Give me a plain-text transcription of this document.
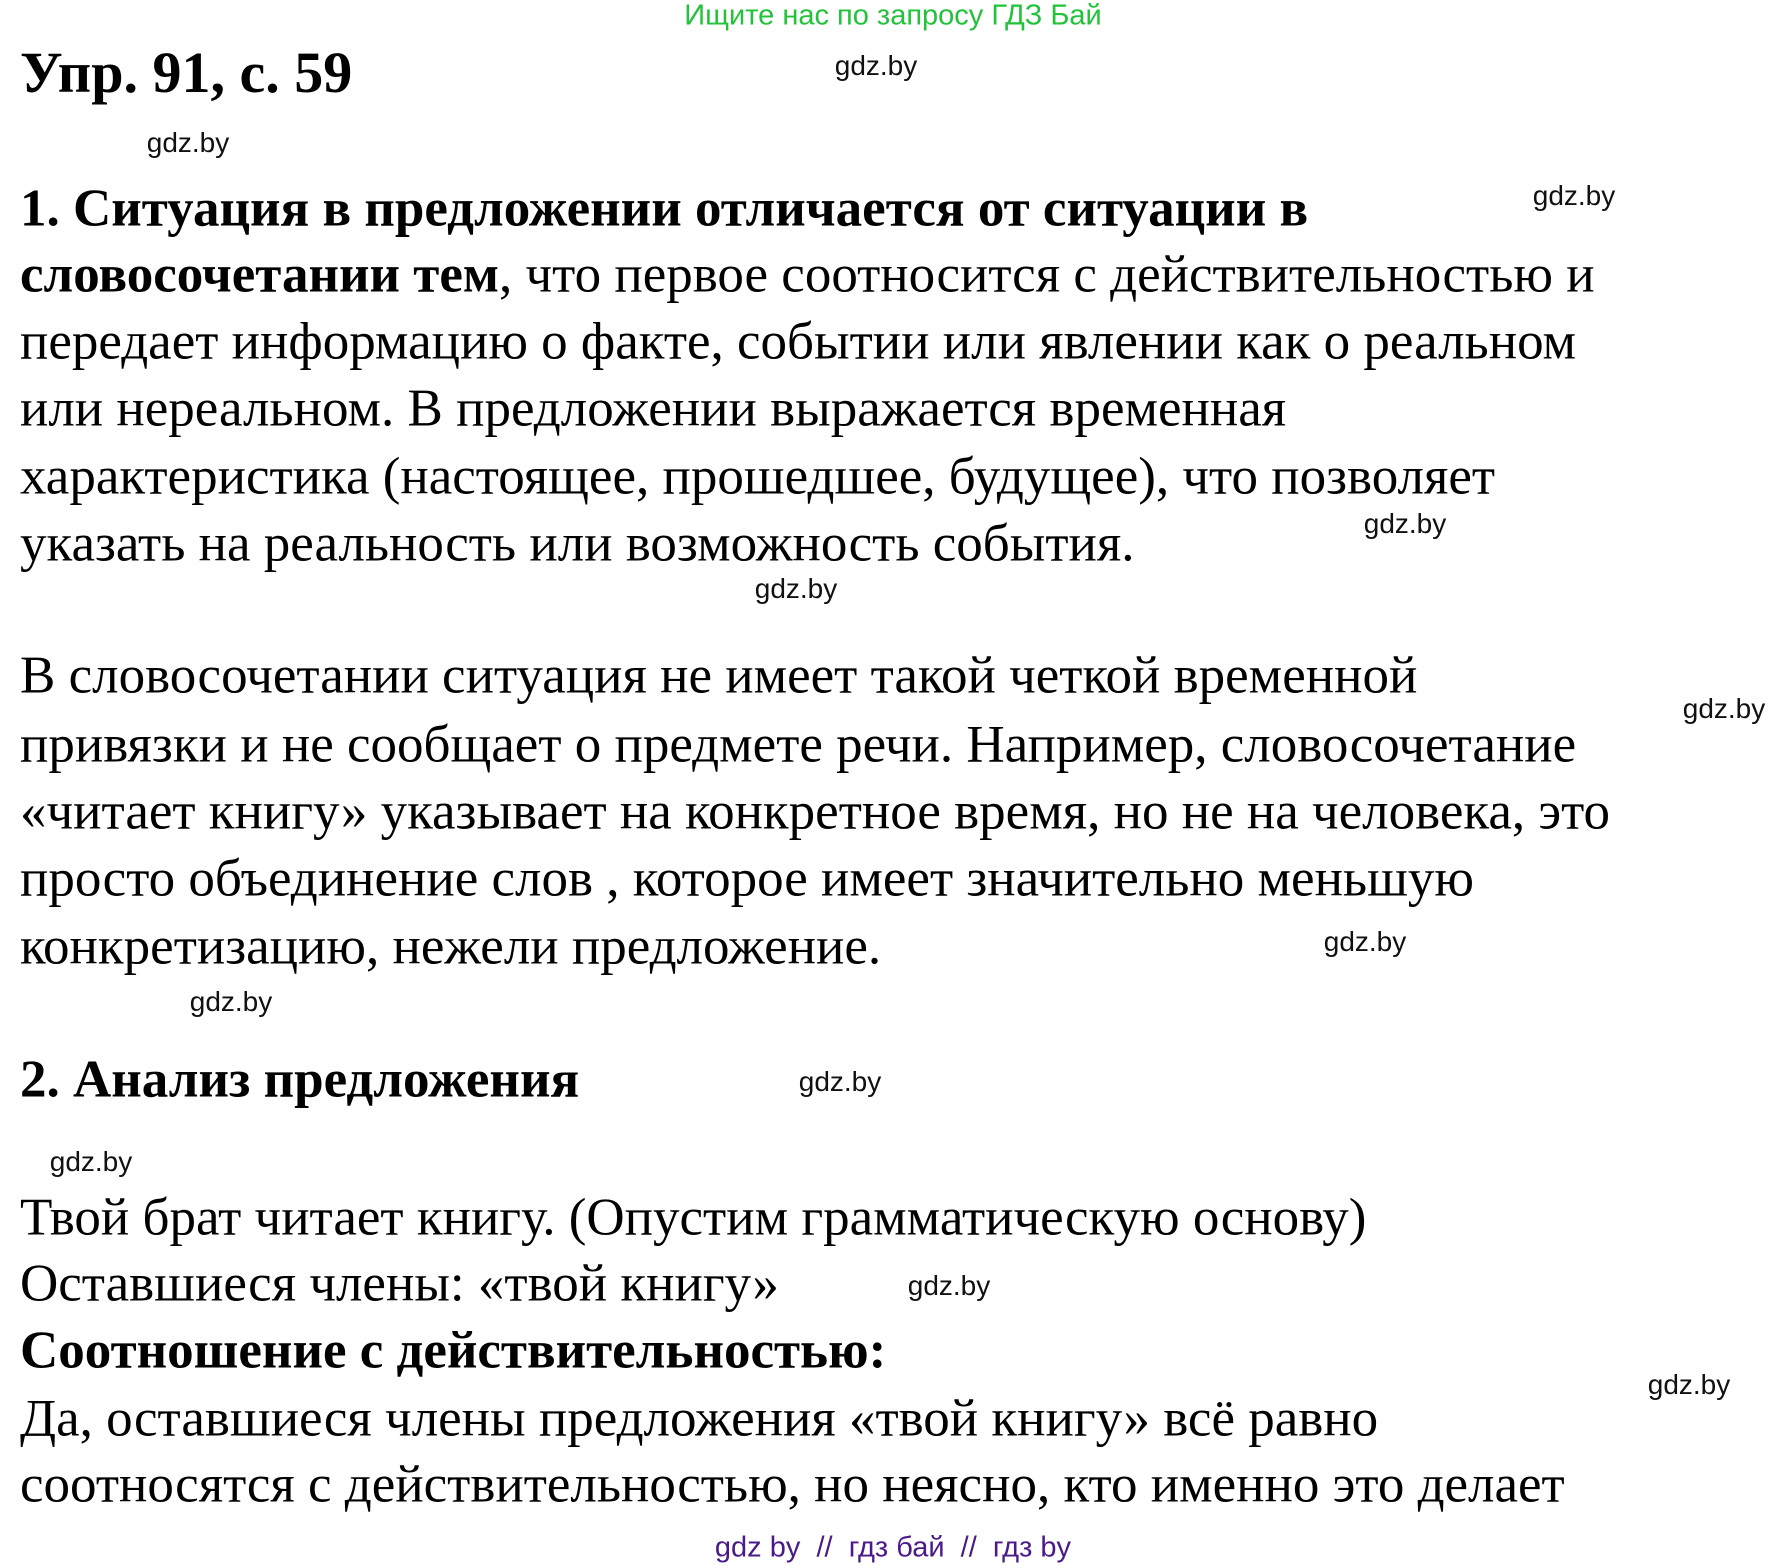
Ищите нас по запросу ГДЗ Бай
Упр. 91, с. 59
1. Ситуация в предложении отличается от ситуации в
словосочетании тем, что первое соотносится с действительностью и
передает информацию о факте, событии или явлении как о реальном
или нереальном. В предложении выражается временная
характеристика (настоящее, прошедшее, будущее), что позволяет
указать на реальность или возможность события.
В словосочетании ситуация не имеет такой четкой временной
привязки и не сообщает о предмете речи. Например, словосочетание
«читает книгу» указывает на конкретное время, но не на человека, это
просто объединение слов , которое имеет значительно меньшую
конкретизацию, нежели предложение.
2. Анализ предложения
Твой брат читает книгу. (Опустим грамматическую основу)
Оставшиеся члены: «твой книгу»
Соотношение с действительностью:
Да, оставшиеся члены предложения «твой книгу» всё равно
соотносятся с действительностью, но неясно, кто именно это делает
gdz.by
gdz.by
gdz.by
gdz.by
gdz.by
gdz.by
gdz.by
gdz.by
gdz.by
gdz.by
gdz.by
gdz.by
gdz by  //  гдз бай  //  гдз by
